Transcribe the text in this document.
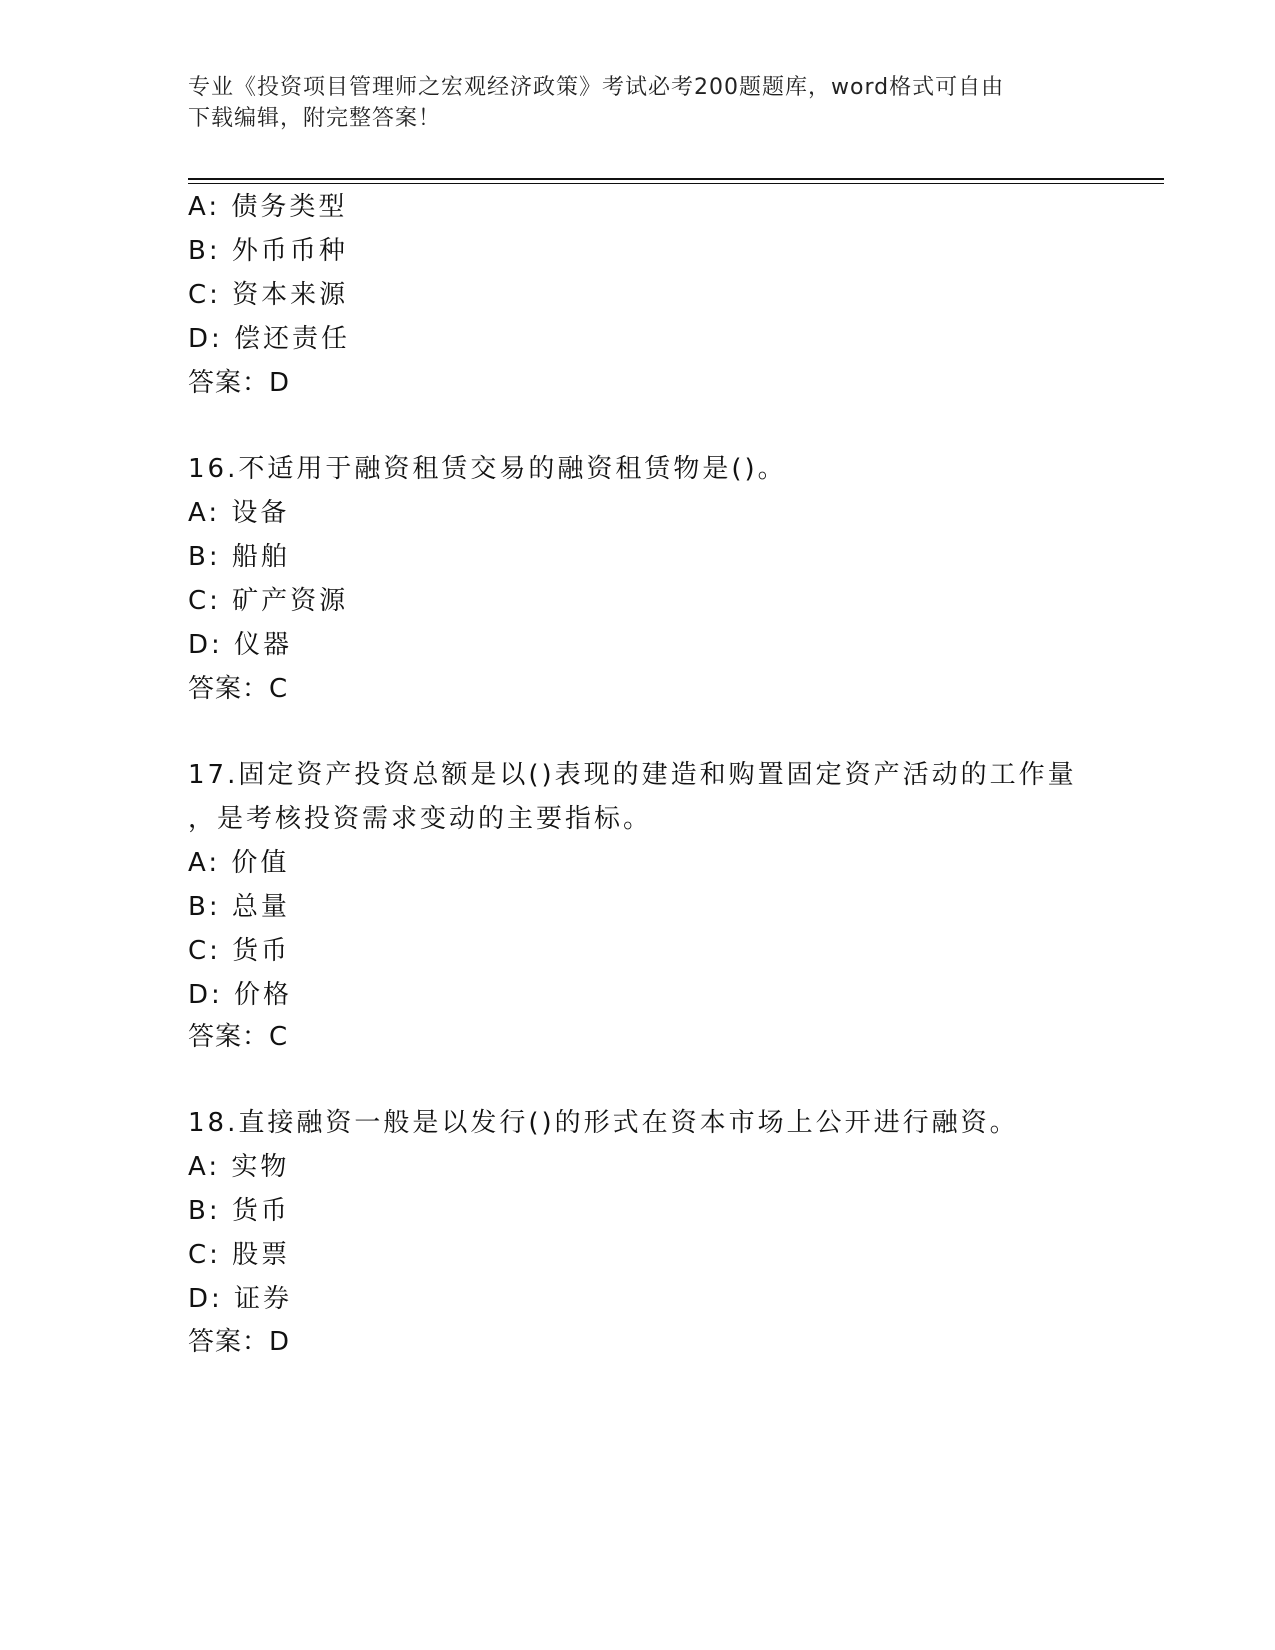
专业《投资项目管理师之宏观经济政策》考试必考200题题库，word格式可自由
下载编辑，附完整答案！
A: 债务类型
B: 外币币种
C: 资本来源
D: 偿还责任
答案：D
16.不适用于融资租赁交易的融资租赁物是()。
A: 设备
B: 船舶
C: 矿产资源
D: 仪器
答案：C
17.固定资产投资总额是以()表现的建造和购置固定资产活动的工作量
，是考核投资需求变动的主要指标。
A: 价值
B: 总量
C: 货币
D: 价格
答案：C
18.直接融资一般是以发行()的形式在资本市场上公开进行融资。
A: 实物
B: 货币
C: 股票
D: 证券
答案：D
